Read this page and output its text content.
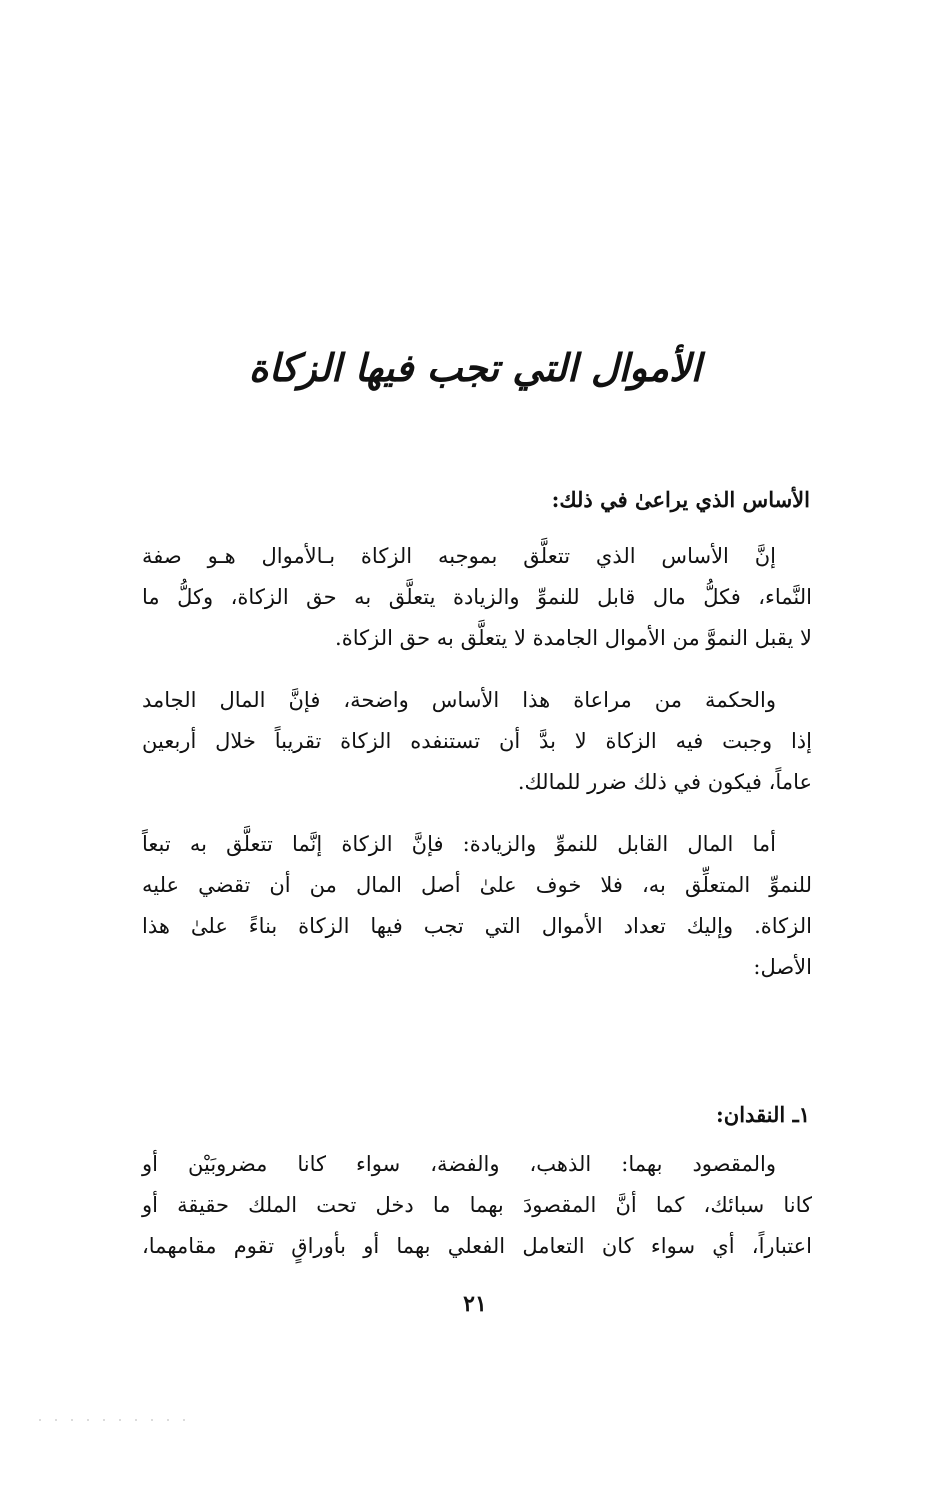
الأموال التي تجب فيها الزكاة
الأساس الذي يراعىٰ في ذلك:
إنَّ الأساس الذي تتعلَّق بموجبه الزكاة بـالأموال هـو صفة
النَّماء، فكلُّ مال قابل للنموِّ والزيادة يتعلَّق به حق الزكاة، وكلُّ ما
لا يقبل النموَّ من الأموال الجامدة لا يتعلَّق به حق الزكاة.
والحكمة من مراعاة هذا الأساس واضحة، فإنَّ المال الجامد
إذا وجبت فيه الزكاة لا بدَّ أن تستنفده الزكاة تقريباً خلال أربعين
عاماً، فيكون في ذلك ضرر للمالك.
أما المال القابل للنموِّ والزيادة: فإنَّ الزكاة إنَّما تتعلَّق به تبعاً
للنموِّ المتعلِّق به، فلا خوف علىٰ أصل المال من أن تقضي عليه
الزكاة. وإليك تعداد الأموال التي تجب فيها الزكاة بناءً علىٰ هذا
الأصل:
١ـ النقدان:
والمقصود بهما: الذهب، والفضة، سواء كانا مضروبَيْن أو
كانا سبائك، كما أنَّ المقصودَ بهما ما دخل تحت الملك حقيقة أو
اعتباراً، أي سواء كان التعامل الفعلي بهما أو بأوراقٍ تقوم مقامهما،
٢١
